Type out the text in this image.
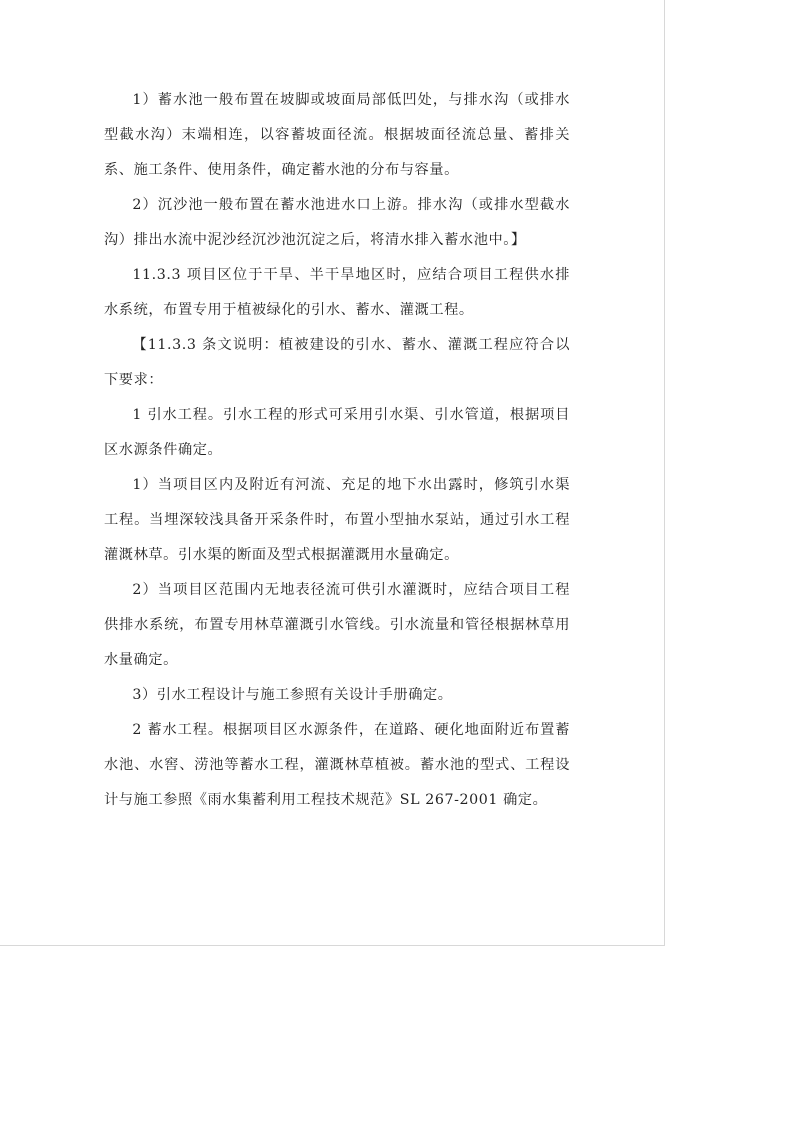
1）蓄水池一般布置在坡脚或坡面局部低凹处，与排水沟（或排水型截水沟）末端相连，以容蓄坡面径流。根据坡面径流总量、蓄排关系、施工条件、使用条件，确定蓄水池的分布与容量。

2）沉沙池一般布置在蓄水池进水口上游。排水沟（或排水型截水沟）排出水流中泥沙经沉沙池沉淀之后，将清水排入蓄水池中。】

11.3.3 项目区位于干旱、半干旱地区时，应结合项目工程供水排水系统，布置专用于植被绿化的引水、蓄水、灌溉工程。

【11.3.3 条文说明：植被建设的引水、蓄水、灌溉工程应符合以下要求：

1 引水工程。引水工程的形式可采用引水渠、引水管道，根据项目区水源条件确定。

1）当项目区内及附近有河流、充足的地下水出露时，修筑引水渠工程。当埋深较浅具备开采条件时，布置小型抽水泵站，通过引水工程灌溉林草。引水渠的断面及型式根据灌溉用水量确定。

2）当项目区范围内无地表径流可供引水灌溉时，应结合项目工程供排水系统，布置专用林草灌溉引水管线。引水流量和管径根据林草用水量确定。

3）引水工程设计与施工参照有关设计手册确定。

2 蓄水工程。根据项目区水源条件，在道路、硬化地面附近布置蓄水池、水窖、涝池等蓄水工程，灌溉林草植被。蓄水池的型式、工程设计与施工参照《雨水集蓄利用工程技术规范》SL 267-2001 确定。
